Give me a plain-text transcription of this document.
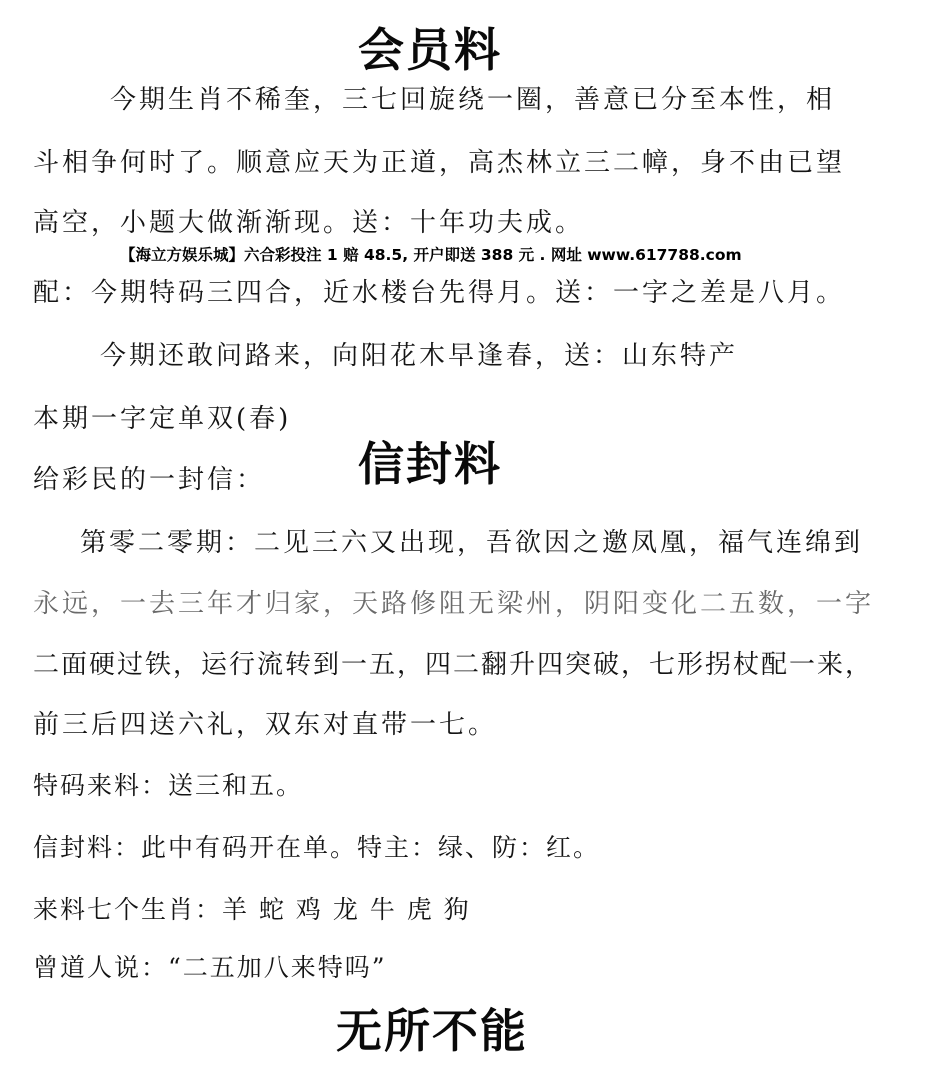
会员料
今期生肖不稀奎，三七回旋绕一圈，善意已分至本性，相
斗相争何时了。顺意应天为正道，高杰林立三二幛，身不由已望
高空，小题大做渐渐现。送：十年功夫成。
【海立方娱乐城】六合彩投注 1 赔 48.5, 开户即送 388 元 . 网址 www.617788.com
配：今期特码三四合，近水楼台先得月。送：一字之差是八月。
今期还敢问路来，向阳花木早逢春，送：山东特产
本期一字定单双(春)
给彩民的一封信： 信封料
第零二零期：二见三六又出现，吾欲因之邀凤凰，福气连绵到
永远，一去三年才归家，天路修阻无梁州，阴阳变化二五数，一字
二面硬过铁，运行流转到一五，四二翻升四突破，七形拐杖配一来，
前三后四送六礼，双东对直带一七。
特码来料：送三和五。
信封料：此中有码开在单。特主：绿、防：红。
来料七个生肖：羊 蛇 鸡 龙 牛 虎 狗
曾道人说：“二五加八来特吗”
无所不能
